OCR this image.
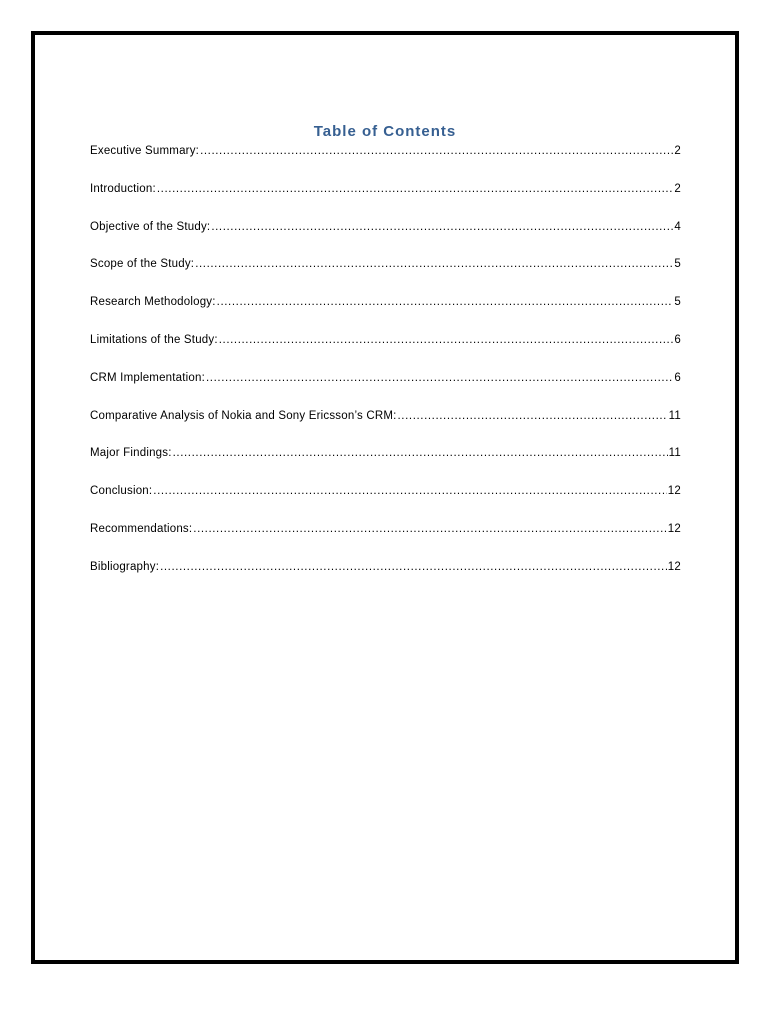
Table of Contents
Executive Summary: .....	2
Introduction: .....	2
Objective of the Study: .....	4
Scope of the Study: .....	5
Research Methodology: .....	5
Limitations of the Study: .....	6
CRM Implementation: .....	6
Comparative Analysis of Nokia and Sony Ericsson’s CRM: .....	11
Major Findings: .....	11
Conclusion: .....	12
Recommendations: .....	12
Bibliography: .....	12
